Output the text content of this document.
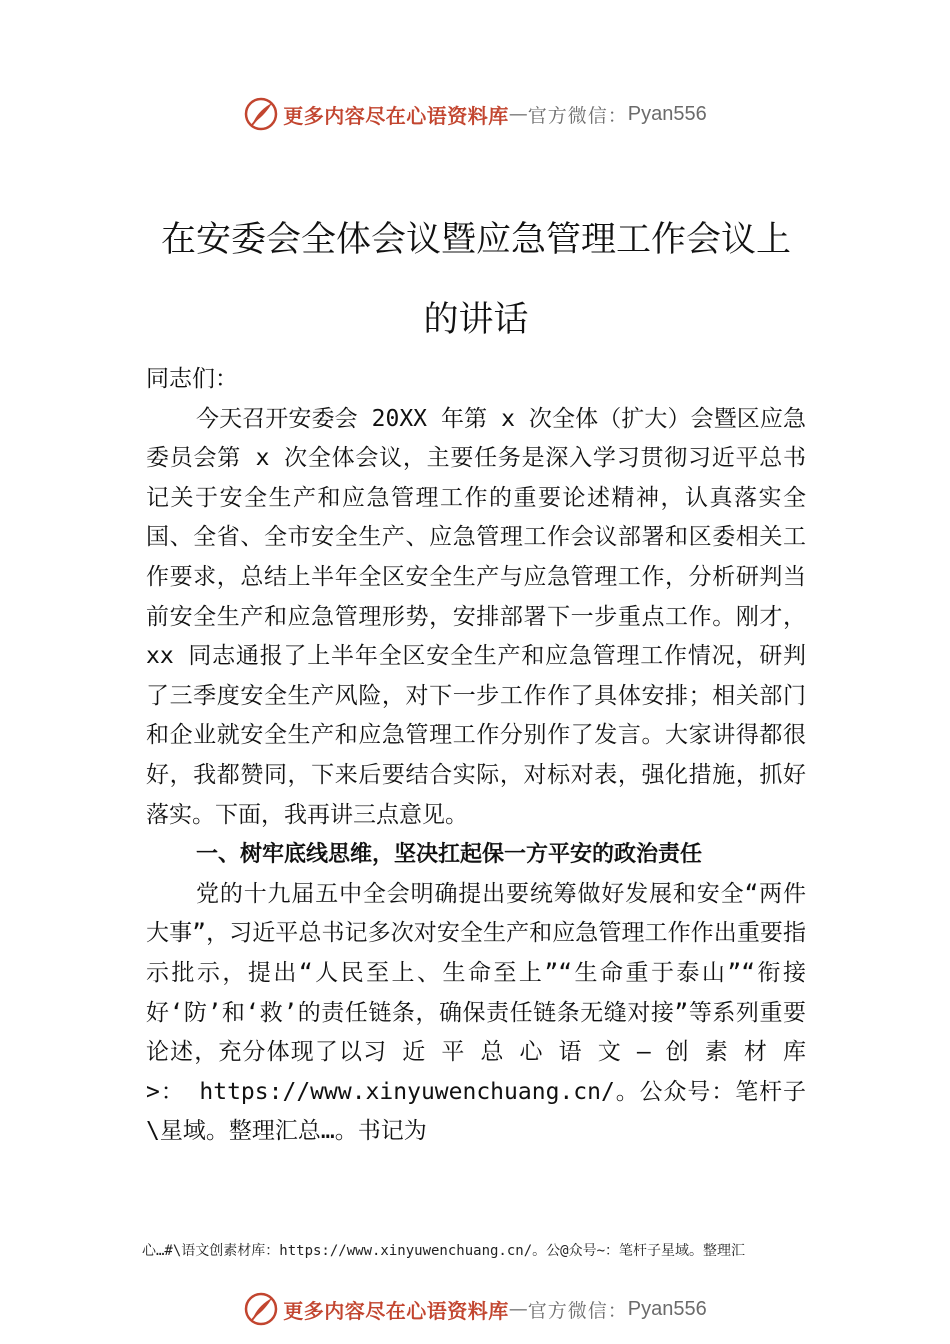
更多内容尽在心语资料库 — 官方微信： Pyan556
在安委会全体会议暨应急管理工作会议上
的讲话

同志们：

今天召开安委会 20XX 年第 x 次全体（扩大）会暨区应急委员会第 x 次全体会议，主要任务是深入学习贯彻习近平总书记关于安全生产和应急管理工作的重要论述精神，认真落实全国、全省、全市安全生产、应急管理工作会议部署和区委相关工作要求，总结上半年全区安全生产与应急管理工作，分析研判当前安全生产和应急管理形势，安排部署下一步重点工作。刚才，xx 同志通报了上半年全区安全生产和应急管理工作情况，研判了三季度安全生产风险，对下一步工作作了具体安排；相关部门和企业就安全生产和应急管理工作分别作了发言。大家讲得都很好，我都赞同，下来后要结合实际，对标对表，强化措施，抓好落实。下面，我再讲三点意见。

一、树牢底线思维，坚决扛起保一方平安的政治责任

党的十九届五中全会明确提出要统筹做好发展和安全“两件大事”，习近平总书记多次对安全生产和应急管理工作作出重要指示批示，提出“人民至上、生命至上”“生命重于泰山”“衔接好‘防’和‘救’的责任链条，确保责任链条无缝对接”等系列重要论述，充分体现了以习 近 平 总 心 语 文 — 创 素 材 库 >： https://www.xinyuwenchuang.cn/。公众号：笔杆子\星域。整理汇总…。书记为

心…#\语文创素材库：https://www.xinyuwenchuang.cn/。公@众号~：笔杆子星域。整理汇
更多内容尽在心语资料库 — 官方微信： Pyan556
